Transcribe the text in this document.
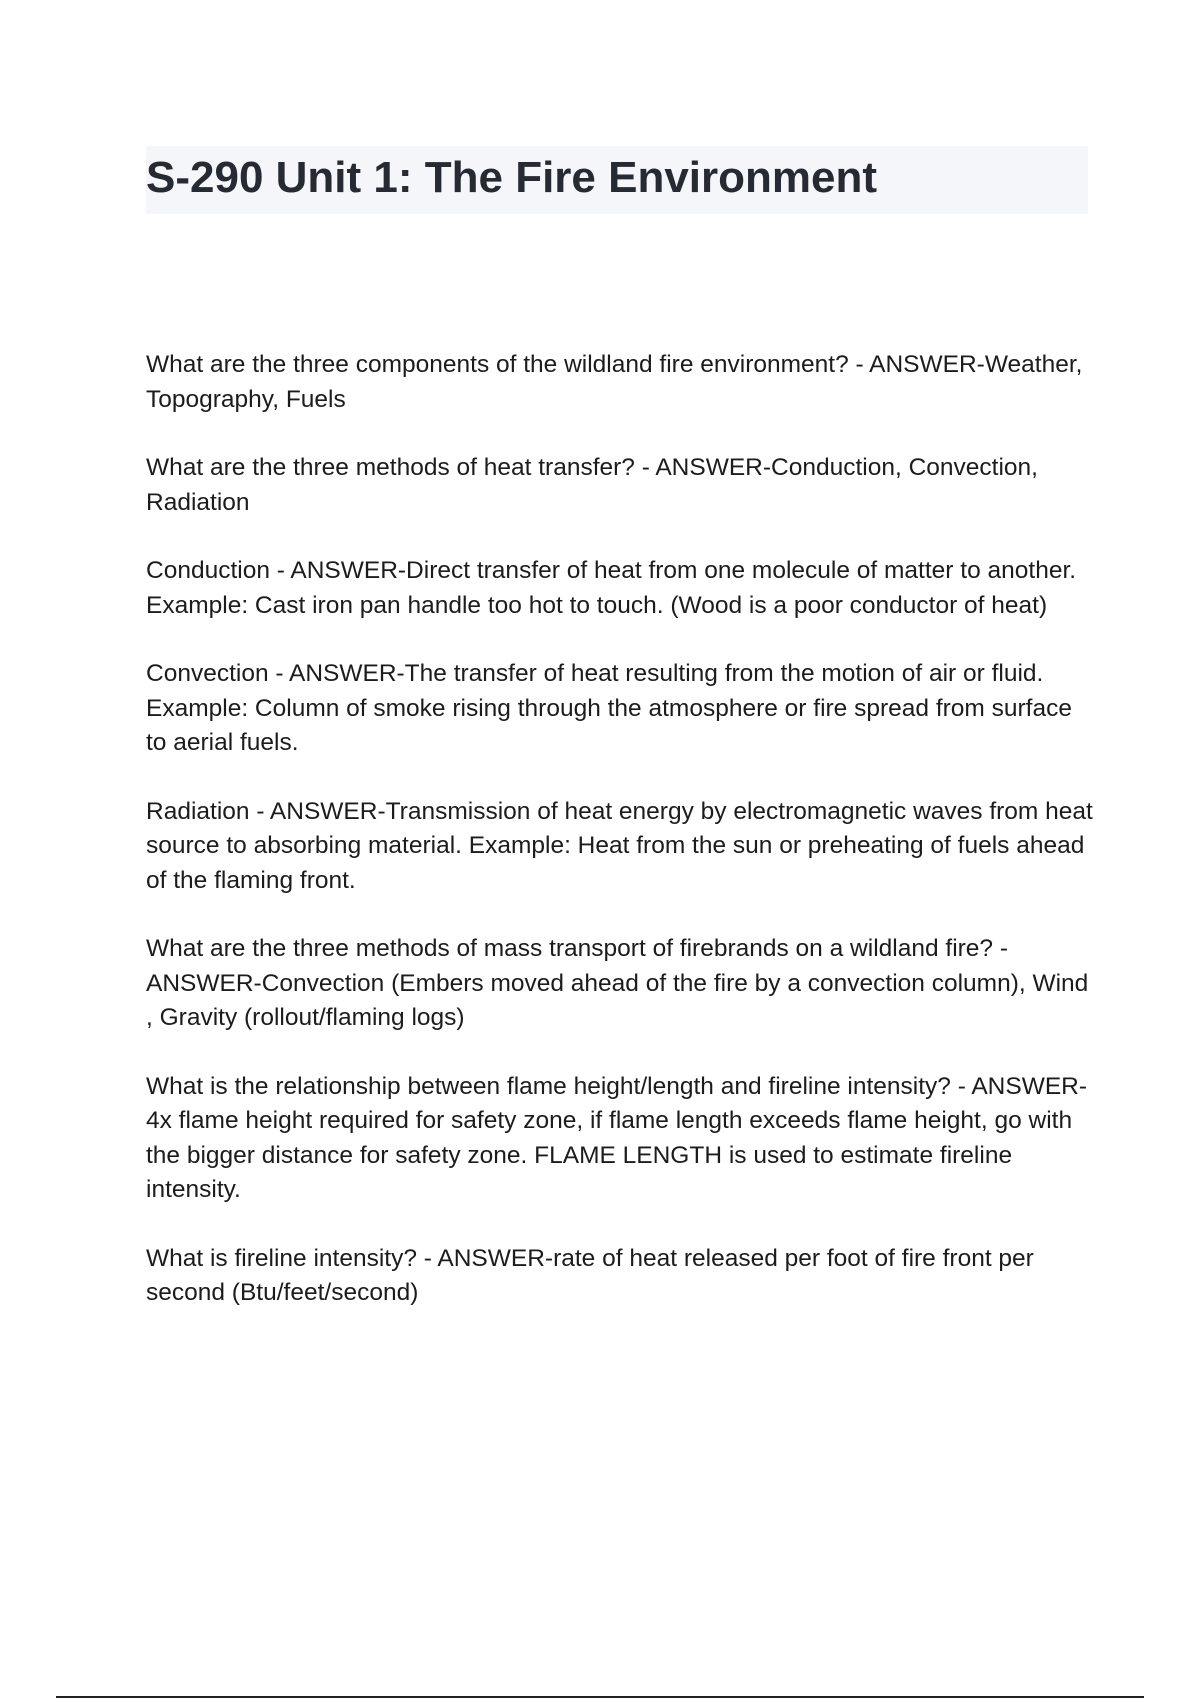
S-290 Unit 1: The Fire Environment

What are the three components of the wildland fire environment? - ANSWER-Weather, Topography, Fuels

What are the three methods of heat transfer? - ANSWER-Conduction, Convection, Radiation

Conduction - ANSWER-Direct transfer of heat from one molecule of matter to another. Example: Cast iron pan handle too hot to touch. (Wood is a poor conductor of heat)

Convection - ANSWER-The transfer of heat resulting from the motion of air or fluid. Example: Column of smoke rising through the atmosphere or fire spread from surface to aerial fuels.

Radiation - ANSWER-Transmission of heat energy by electromagnetic waves from heat source to absorbing material. Example: Heat from the sun or preheating of fuels ahead of the flaming front.

What are the three methods of mass transport of firebrands on a wildland fire? - ANSWER-Convection (Embers moved ahead of the fire by a convection column), Wind , Gravity (rollout/flaming logs)

What is the relationship between flame height/length and fireline intensity? - ANSWER-4x flame height required for safety zone, if flame length exceeds flame height, go with the bigger distance for safety zone. FLAME LENGTH is used to estimate fireline intensity.

What is fireline intensity? - ANSWER-rate of heat released per foot of fire front per second (Btu/feet/second)
